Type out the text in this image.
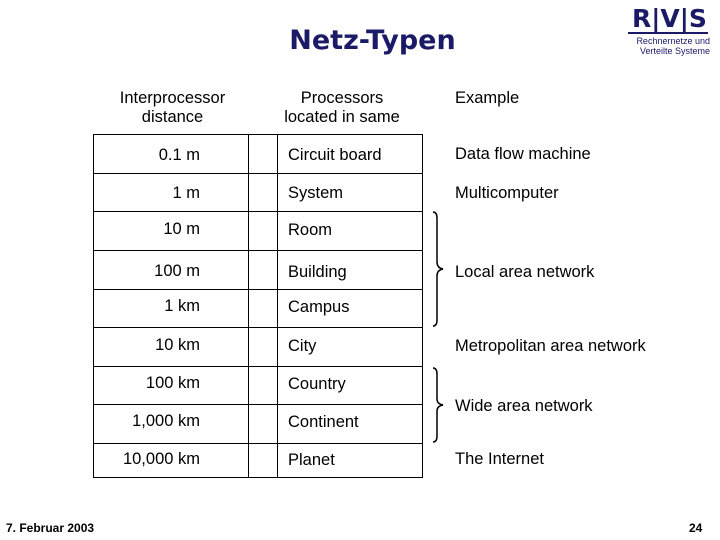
Netz-Typen
R|V|S
Rechnernetze und
Verteilte Systeme
Interprocessor
distance
Processors
located in same
Example
0.1 m
1 m
10 m
100 m
1 km
10 km
100 km
1,000 km
10,000 km
Circuit board
System
Room
Building
Campus
City
Country
Continent
Planet
Data flow machine
Multicomputer
Local area network
Metropolitan area network
Wide area network
The Internet
7. Februar 2003	24
